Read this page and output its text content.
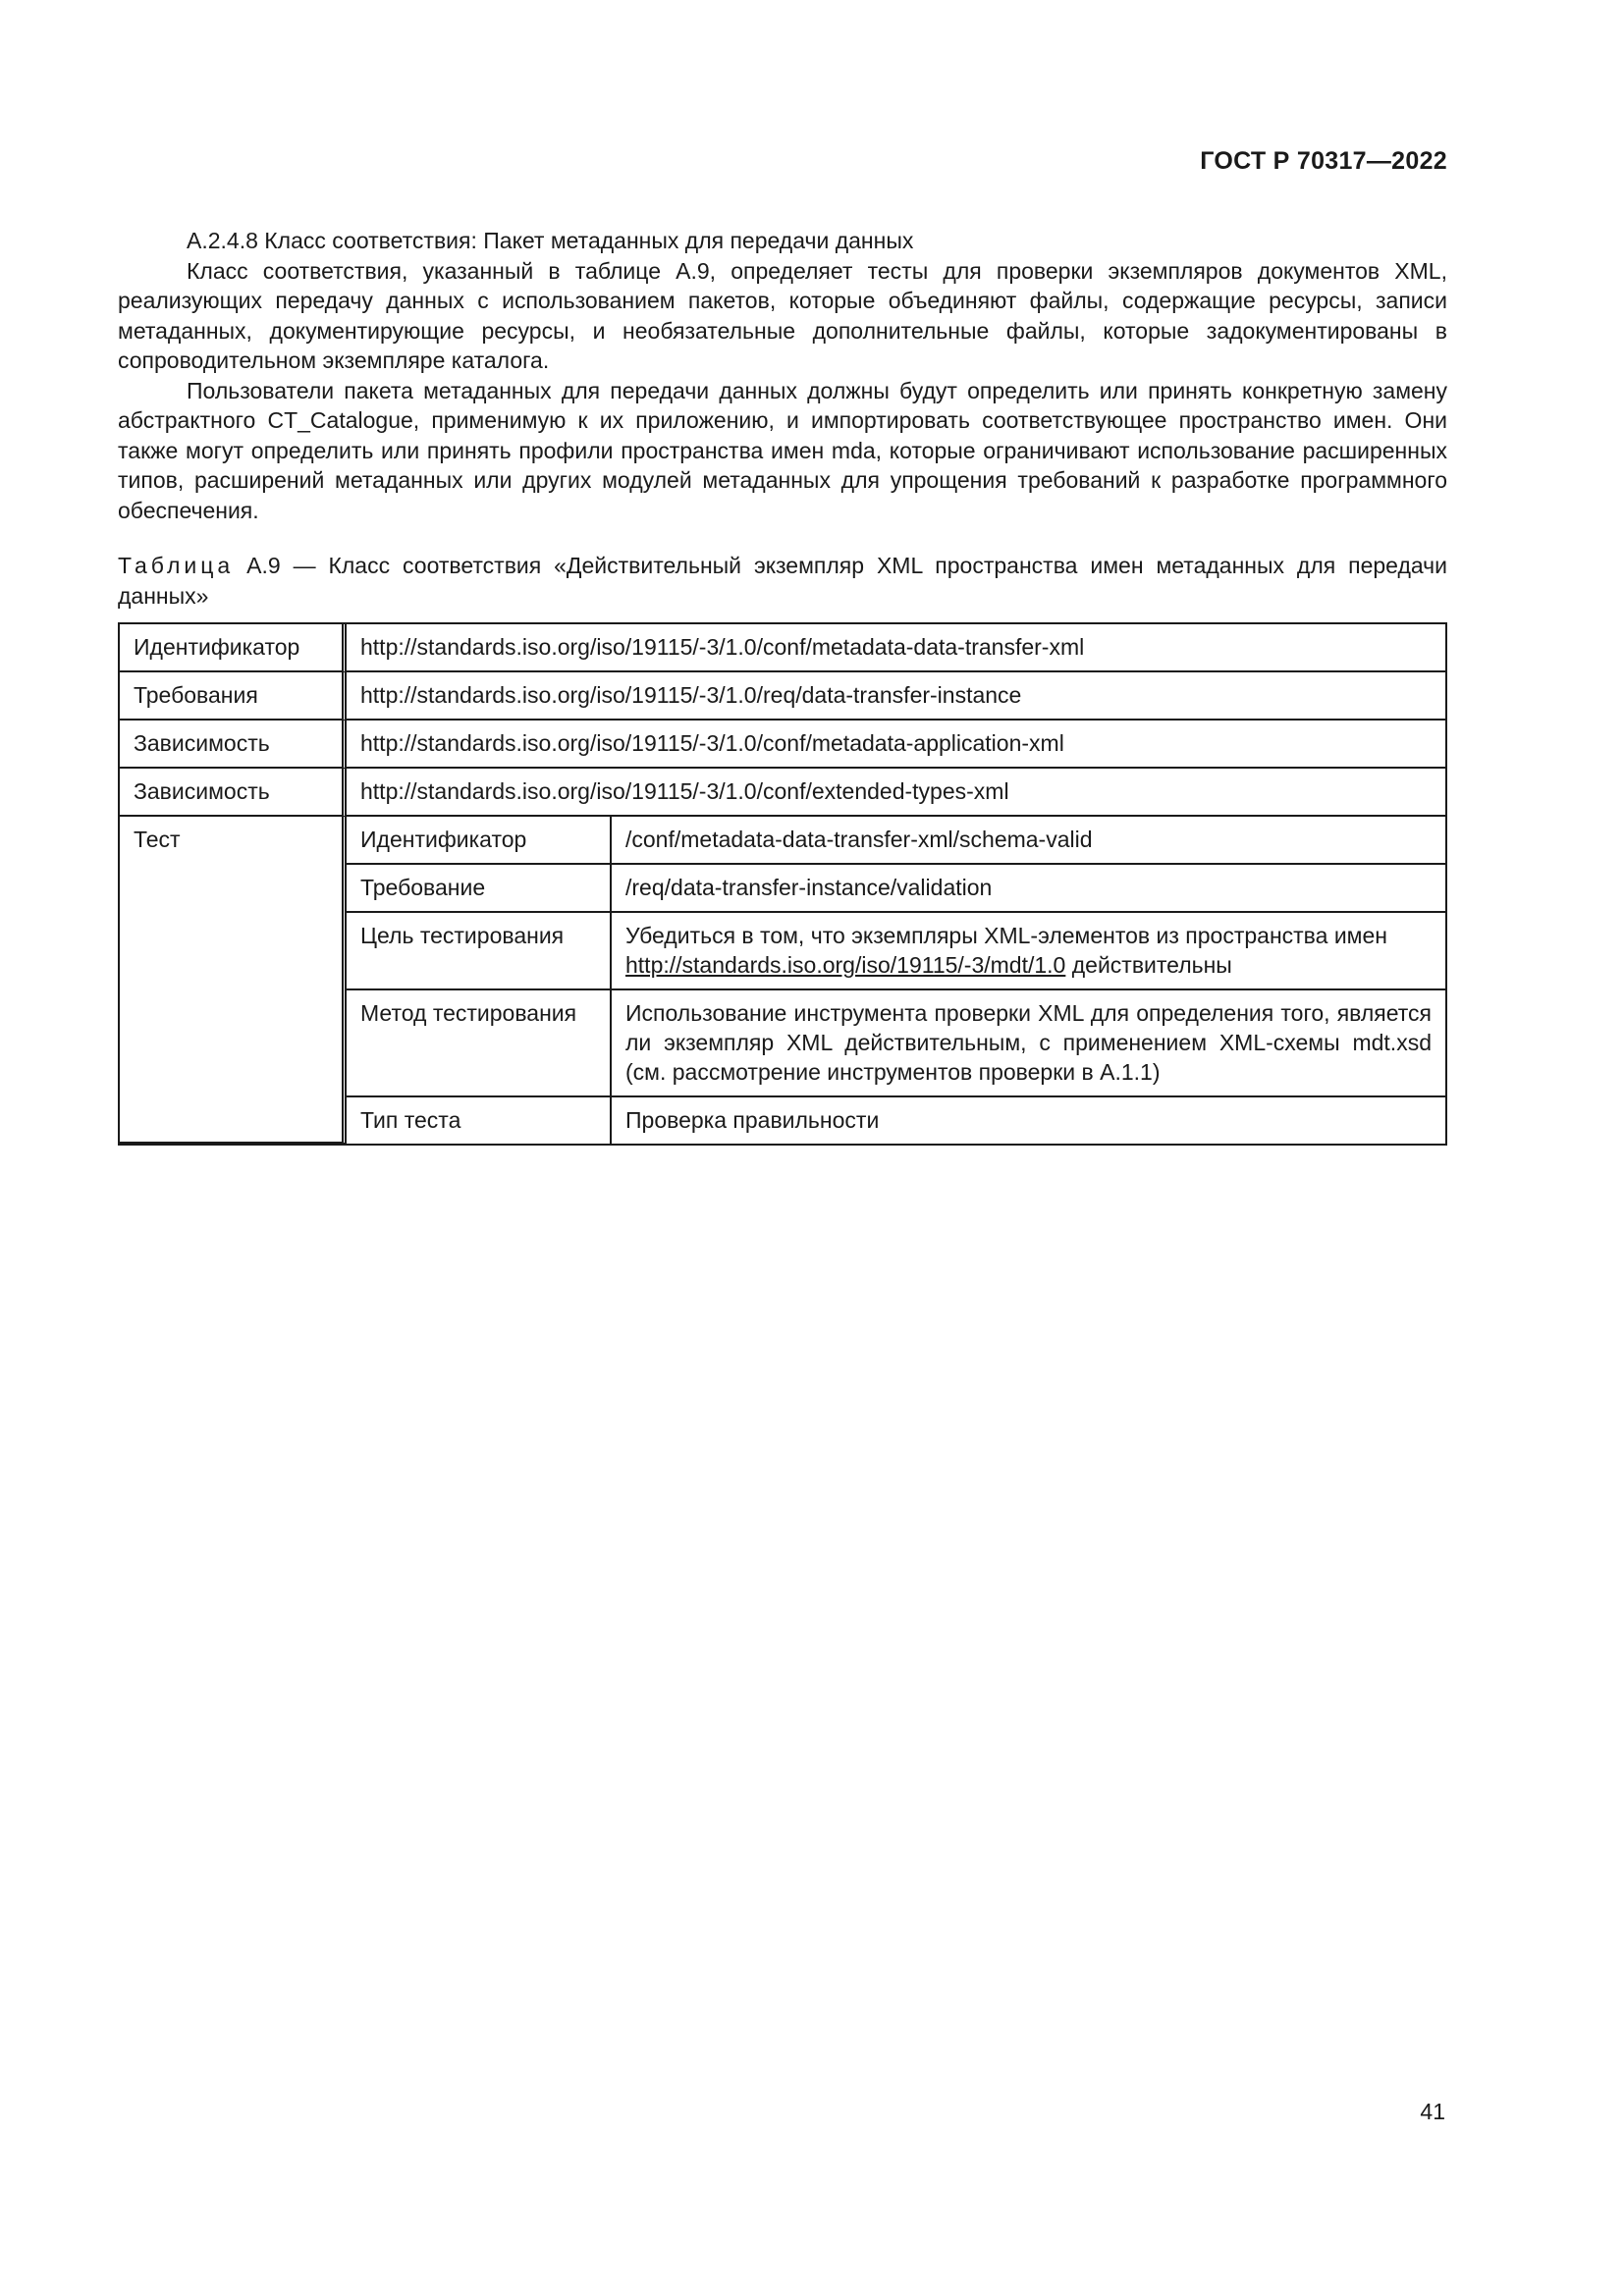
ГОСТ Р 70317—2022

А.2.4.8 Класс соответствия: Пакет метаданных для передачи данных

Класс соответствия, указанный в таблице А.9, определяет тесты для проверки экземпляров документов XML, реализующих передачу данных с использованием пакетов, которые объединяют файлы, содержащие ресурсы, записи метаданных, документирующие ресурсы, и необязательные дополнительные файлы, которые задокументированы в сопроводительном экземпляре каталога.

Пользователи пакета метаданных для передачи данных должны будут определить или принять конкретную замену абстрактного CT_Catalogue, применимую к их приложению, и импортировать соответствующее пространство имен. Они также могут определить или принять профили пространства имен mda, которые ограничивают использование расширенных типов, расширений метаданных или других модулей метаданных для упрощения требований к разработке программного обеспечения.

Таблица А.9 — Класс соответствия «Действительный экземпляр XML пространства имен метаданных для передачи данных»
Идентификатор	http://standards.iso.org/iso/19115/-3/1.0/conf/metadata-data-transfer-xml	
Требования	http://standards.iso.org/iso/19115/-3/1.0/req/data-transfer-instance	
Зависимость	http://standards.iso.org/iso/19115/-3/1.0/conf/metadata-application-xml	
Зависимость	http://standards.iso.org/iso/19115/-3/1.0/conf/extended-types-xml	
Тест	Идентификатор	/conf/metadata-data-transfer-xml/schema-valid
	Требование	/req/data-transfer-instance/validation
	Цель тестирования	Убедиться в том, что экземпляры XML-элементов из пространства имен http://standards.iso.org/iso/19115/-3/mdt/1.0 действительны
	Метод тестирования	Использование инструмента проверки XML для определения того, является ли экземпляр XML действительным, с применением XML-схемы mdt.xsd (см. рассмотрение инструментов проверки в А.1.1)
	Тип теста	Проверка правильности
41
